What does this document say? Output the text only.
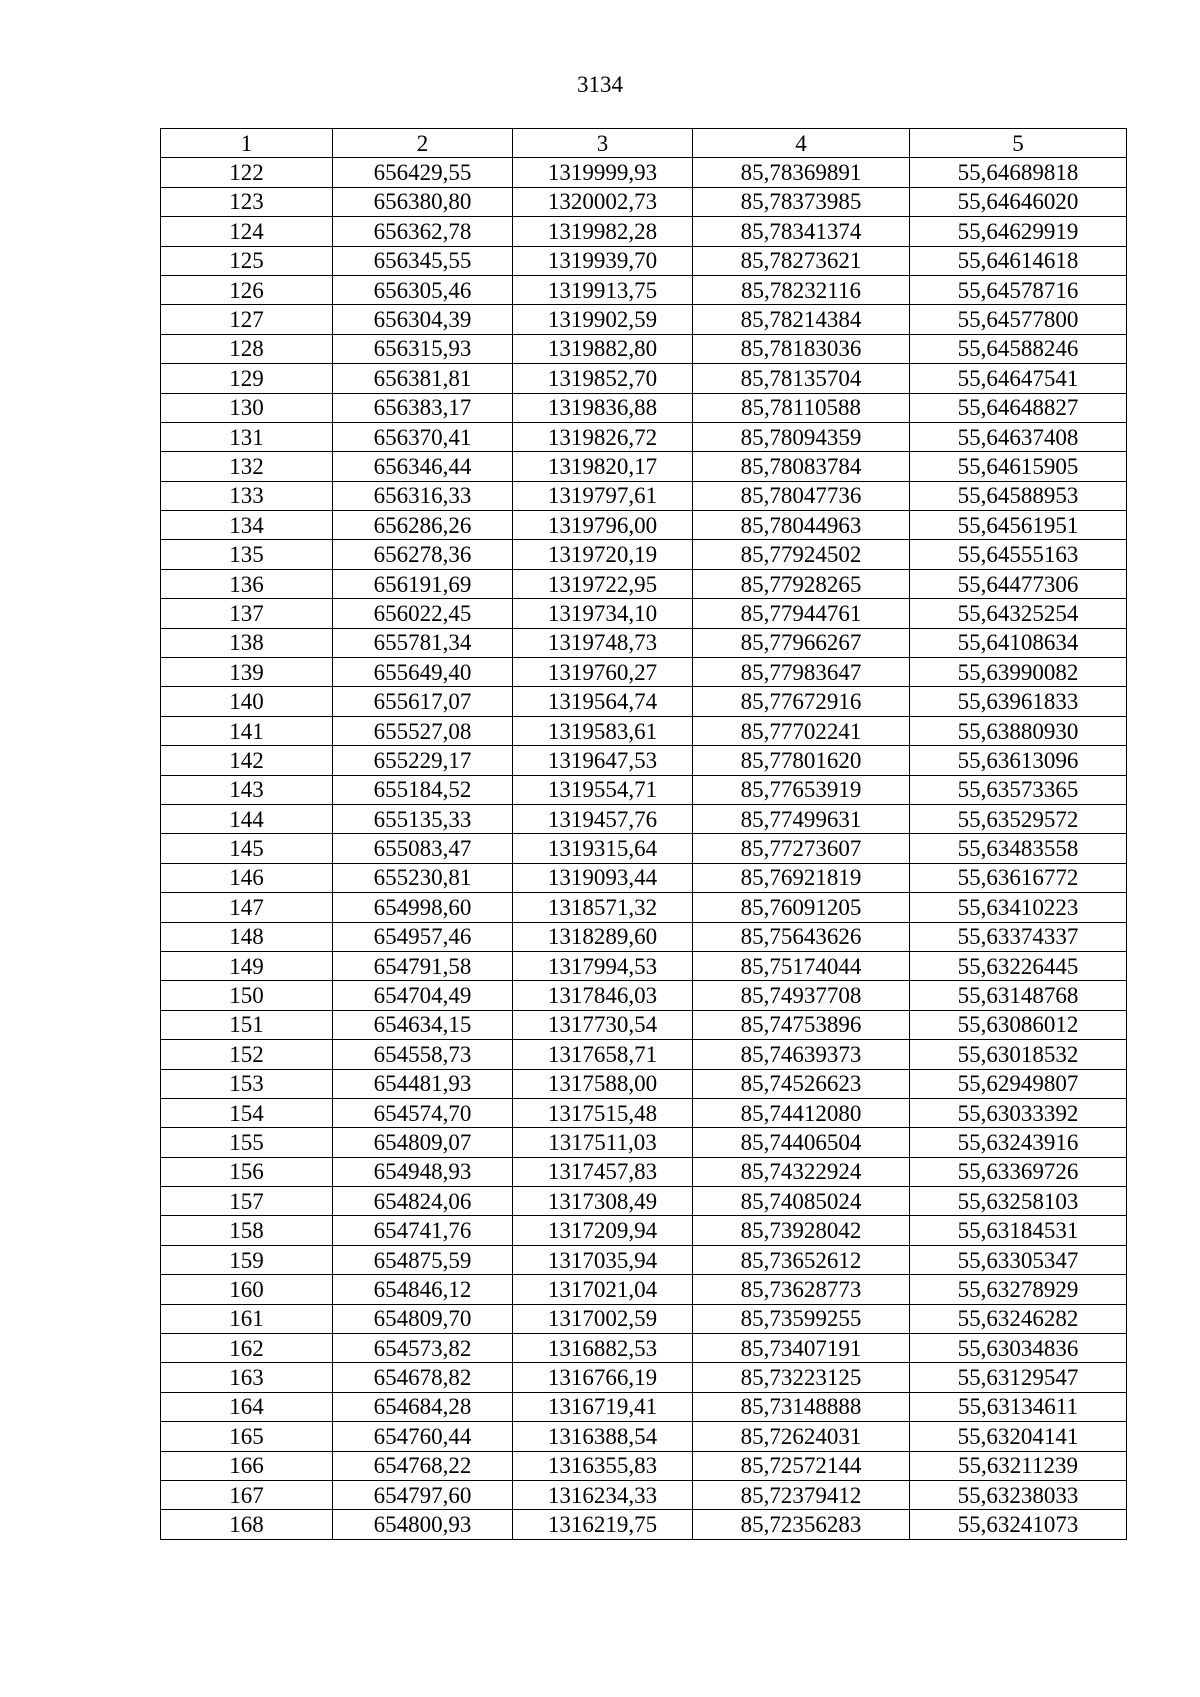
3134
1	2	3	4	5
122	656429,55	1319999,93	85,78369891	55,64689818
123	656380,80	1320002,73	85,78373985	55,64646020
124	656362,78	1319982,28	85,78341374	55,64629919
125	656345,55	1319939,70	85,78273621	55,64614618
126	656305,46	1319913,75	85,78232116	55,64578716
127	656304,39	1319902,59	85,78214384	55,64577800
128	656315,93	1319882,80	85,78183036	55,64588246
129	656381,81	1319852,70	85,78135704	55,64647541
130	656383,17	1319836,88	85,78110588	55,64648827
131	656370,41	1319826,72	85,78094359	55,64637408
132	656346,44	1319820,17	85,78083784	55,64615905
133	656316,33	1319797,61	85,78047736	55,64588953
134	656286,26	1319796,00	85,78044963	55,64561951
135	656278,36	1319720,19	85,77924502	55,64555163
136	656191,69	1319722,95	85,77928265	55,64477306
137	656022,45	1319734,10	85,77944761	55,64325254
138	655781,34	1319748,73	85,77966267	55,64108634
139	655649,40	1319760,27	85,77983647	55,63990082
140	655617,07	1319564,74	85,77672916	55,63961833
141	655527,08	1319583,61	85,77702241	55,63880930
142	655229,17	1319647,53	85,77801620	55,63613096
143	655184,52	1319554,71	85,77653919	55,63573365
144	655135,33	1319457,76	85,77499631	55,63529572
145	655083,47	1319315,64	85,77273607	55,63483558
146	655230,81	1319093,44	85,76921819	55,63616772
147	654998,60	1318571,32	85,76091205	55,63410223
148	654957,46	1318289,60	85,75643626	55,63374337
149	654791,58	1317994,53	85,75174044	55,63226445
150	654704,49	1317846,03	85,74937708	55,63148768
151	654634,15	1317730,54	85,74753896	55,63086012
152	654558,73	1317658,71	85,74639373	55,63018532
153	654481,93	1317588,00	85,74526623	55,62949807
154	654574,70	1317515,48	85,74412080	55,63033392
155	654809,07	1317511,03	85,74406504	55,63243916
156	654948,93	1317457,83	85,74322924	55,63369726
157	654824,06	1317308,49	85,74085024	55,63258103
158	654741,76	1317209,94	85,73928042	55,63184531
159	654875,59	1317035,94	85,73652612	55,63305347
160	654846,12	1317021,04	85,73628773	55,63278929
161	654809,70	1317002,59	85,73599255	55,63246282
162	654573,82	1316882,53	85,73407191	55,63034836
163	654678,82	1316766,19	85,73223125	55,63129547
164	654684,28	1316719,41	85,73148888	55,63134611
165	654760,44	1316388,54	85,72624031	55,63204141
166	654768,22	1316355,83	85,72572144	55,63211239
167	654797,60	1316234,33	85,72379412	55,63238033
168	654800,93	1316219,75	85,72356283	55,63241073
